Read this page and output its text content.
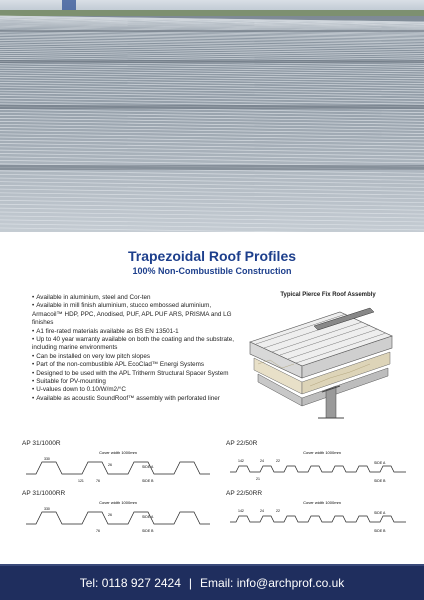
Trapezoidal Roof Profiles
100% Non-Combustible Construction
• Available in aluminium, steel and Cor-ten
• Available in mill finish aluminium, stucco embossed aluminium, Armacoil™ HDP, PPC, Anodised, PUF, APL PUF ARS, PRISMA and LG finishes
• A1 fire-rated materials available as BS EN 13501-1
• Up to 40 year warranty available on both the coating and the substrate, including marine environments
• Can be installed on very low pitch slopes
• Part of the non-combustible APL EcoClad™ Energi Systems
• Designed to be used with the APL Tritherm Structural Spacer System
• Suitable for PV-mounting
• U-values down to 0.10/W/m2/°C
• Available as acoustic SoundRoof™ assembly with perforated liner
Typical Pierce Fix Roof Assembly
AP 31/1000R
Cover width 1000mm
330
121	76
26	SIDE A
SIDE B
AP 22/50R
Cover width 1000mm
142	24
21
22	SIDE A
SIDE B
AP 31/1000RR
Cover width 1000mm
330
76
26	SIDE A
SIDE B
AP 22/50RR
Cover width 1000mm
142	24	22	SIDE A
SIDE B
Tel: 0118 927 2424 | Email: info@archprof.co.uk
